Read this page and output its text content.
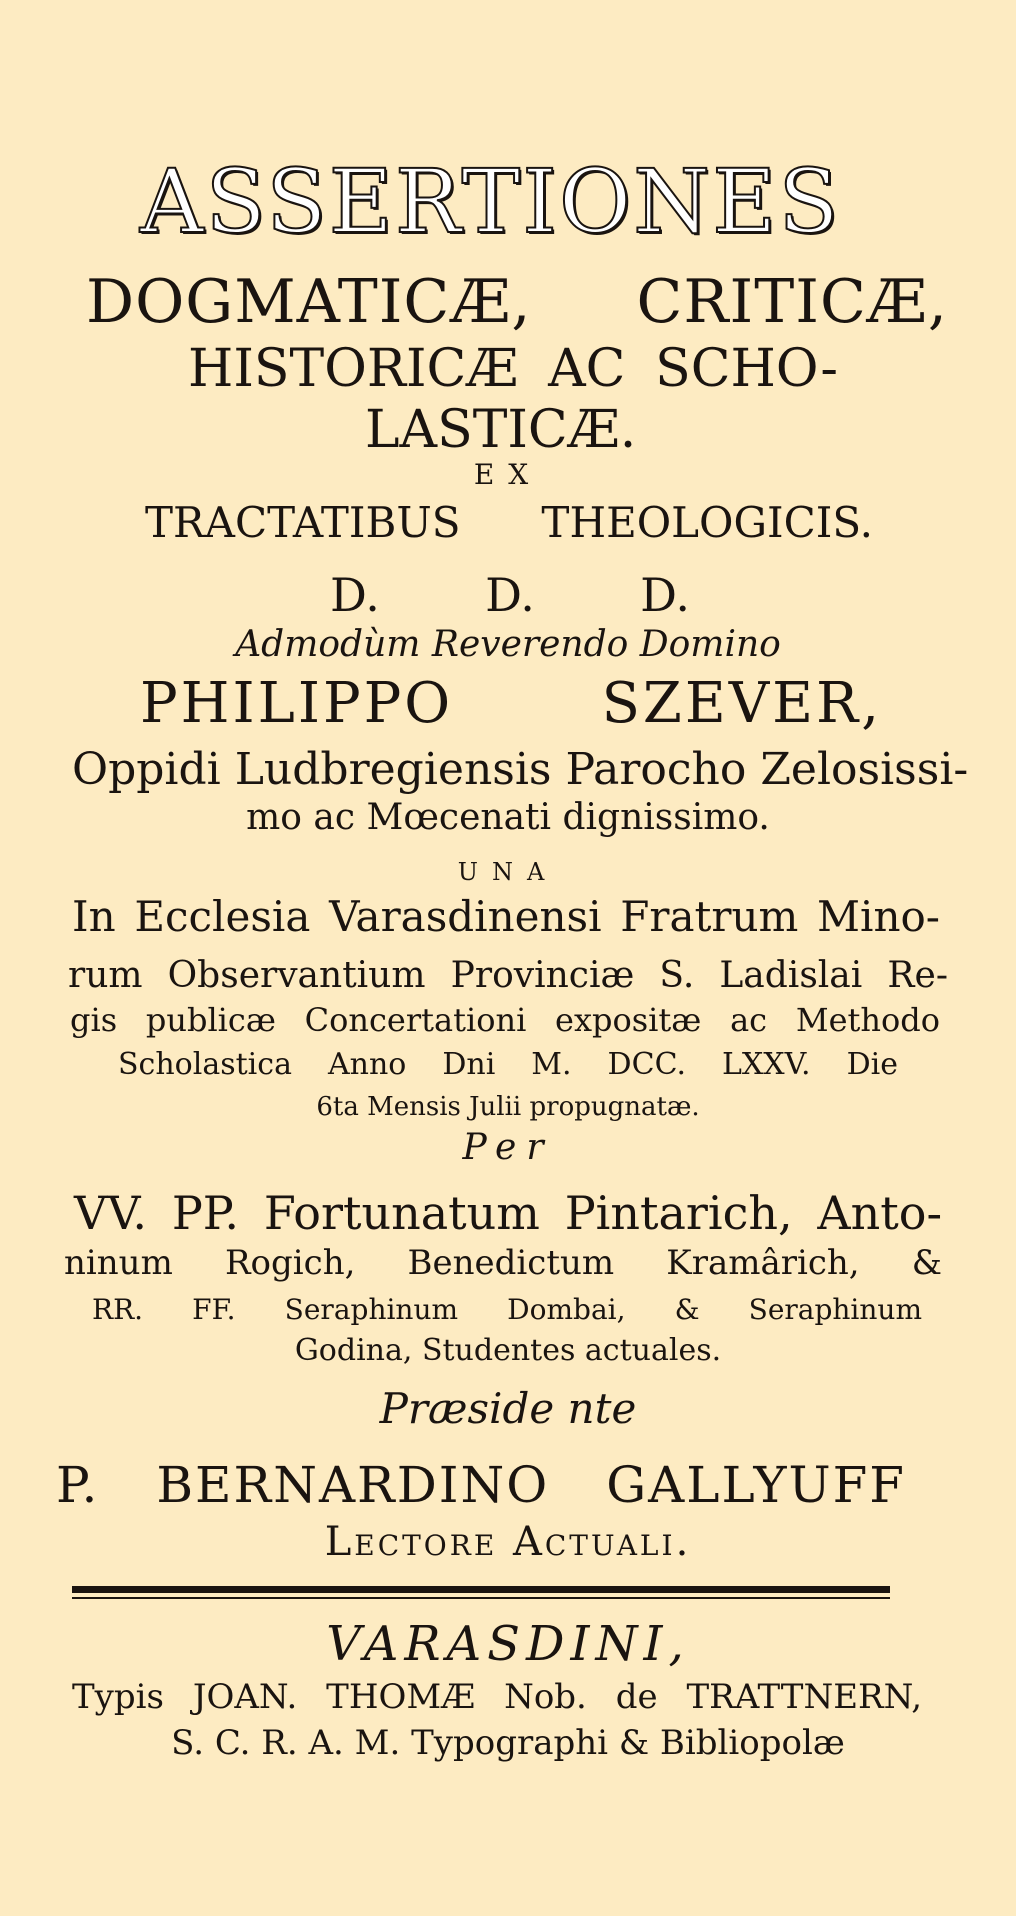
ASSERTIONES
DOGMATICÆ, CRITICÆ,
HISTORICÆ AC SCHO-
LASTICÆ.
EX
TRACTATIBUS THEOLOGICIS.
D. D. D.
Admodùm Reverendo Domino
PHILIPPO SZEVER,
Oppidi Ludbregiensis Parocho Zelosissi-
mo ac Mœcenati dignissimo.
UNA
In Ecclesia Varasdinensi Fratrum Mino-
rum Observantium Provinciæ S. Ladislai Re-
gis publicæ Concertationi expositæ ac Methodo
Scholastica Anno Dni M. DCC. LXXV. Die
6ta Mensis Julii propugnatæ.
Per
VV. PP. Fortunatum Pintarich, Anto-
ninum Rogich, Benedictum Kramârich, &
RR. FF. Seraphinum Dombai, & Seraphinum
Godina, Studentes actuales.
Præside nte
P. BERNARDINO GALLYUFF
Lectore Actuali.
VARASDINI,
Typis JOAN. THOMÆ Nob. de TRATTNERN,
S. C. R. A. M. Typographi & Bibliopolæ
